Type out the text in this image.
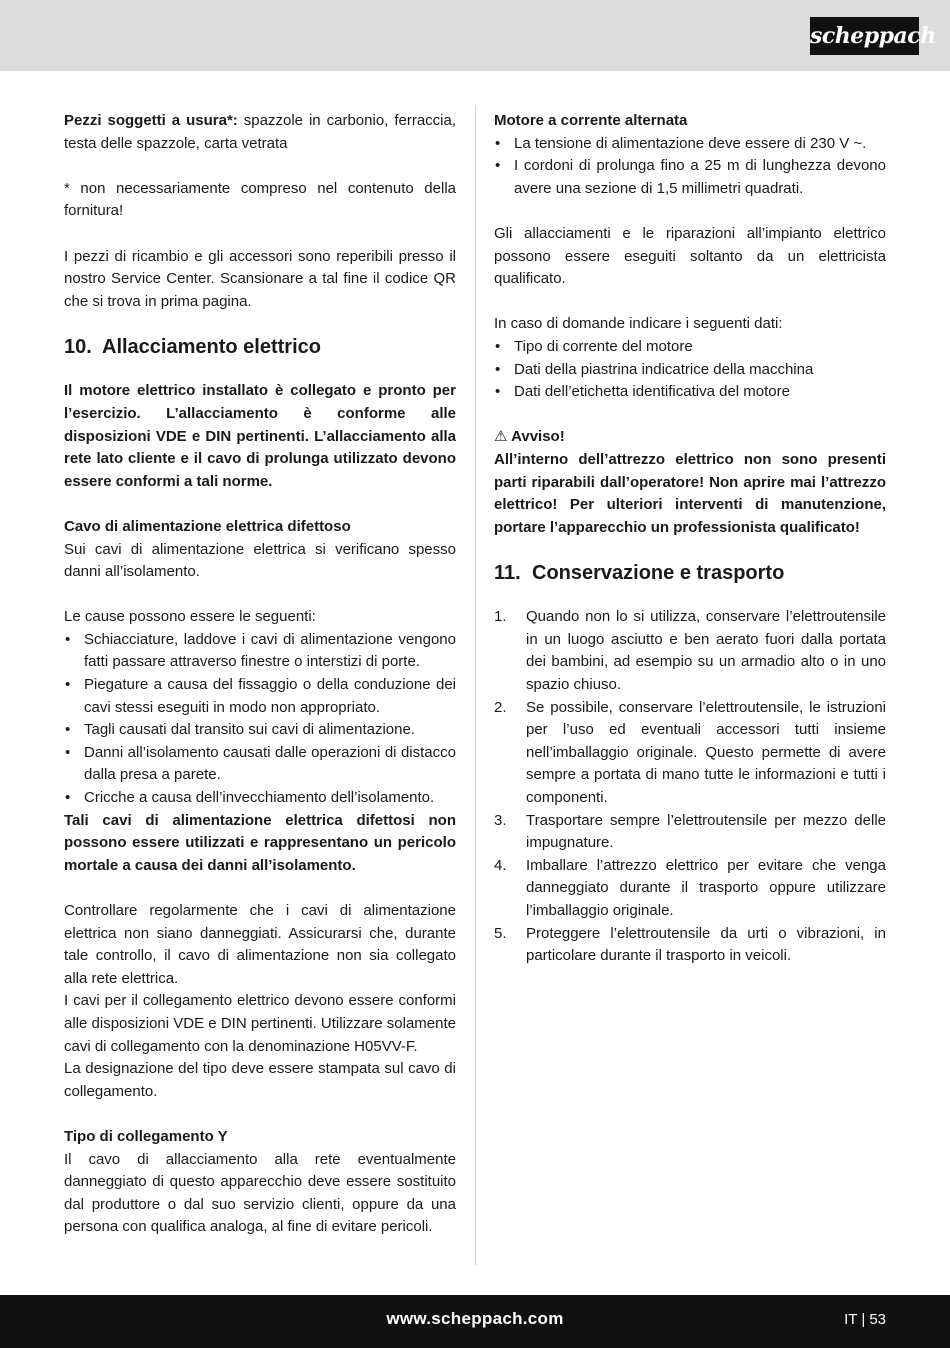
scheppach

Pezzi soggetti a usura*: spazzole in carbonio, ferraccia, testa delle spazzole, carta vetrata

* non necessariamente compreso nel contenuto della fornitura!

I pezzi di ricambio e gli accessori sono reperibili presso il nostro Service Center. Scansionare a tal fine il codice QR che si trova in prima pagina.

10. Allacciamento elettrico

Il motore elettrico installato è collegato e pronto per l’esercizio. L’allacciamento è conforme alle disposizioni VDE e DIN pertinenti. L’allacciamento alla rete lato cliente e il cavo di prolunga utilizzato devono essere conformi a tali norme.

Cavo di alimentazione elettrica difettoso

Sui cavi di alimentazione elettrica si verificano spesso danni all’isolamento.

Le cause possono essere le seguenti:

• Schiacciature, laddove i cavi di alimentazione vengono fatti passare attraverso finestre o interstizi di porte.
• Piegature a causa del fissaggio o della conduzione dei cavi stessi eseguiti in modo non appropriato.
• Tagli causati dal transito sui cavi di alimentazione.
• Danni all’isolamento causati dalle operazioni di distacco dalla presa a parete.
• Cricche a causa dell’invecchiamento dell’isolamento.

Tali cavi di alimentazione elettrica difettosi non possono essere utilizzati e rappresentano un pericolo mortale a causa dei danni all’isolamento.

Controllare regolarmente che i cavi di alimentazione elettrica non siano danneggiati. Assicurarsi che, durante tale controllo, il cavo di alimentazione non sia collegato alla rete elettrica.

I cavi per il collegamento elettrico devono essere conformi alle disposizioni VDE e DIN pertinenti. Utilizzare solamente cavi di collegamento con la denominazione H05VV-F.

La designazione del tipo deve essere stampata sul cavo di collegamento.

Tipo di collegamento Y

Il cavo di allacciamento alla rete eventualmente danneggiato di questo apparecchio deve essere sostituito dal produttore o dal suo servizio clienti, oppure da una persona con qualifica analoga, al fine di evitare pericoli.

Motore a corrente alternata

• La tensione di alimentazione deve essere di 230 V ~.
• I cordoni di prolunga fino a 25 m di lunghezza devono avere una sezione di 1,5 millimetri quadrati.

Gli allacciamenti e le riparazioni all’impianto elettrico possono essere eseguiti soltanto da un elettricista qualificato.

In caso di domande indicare i seguenti dati:

• Tipo di corrente del motore
• Dati della piastrina indicatrice della macchina
• Dati dell’etichetta identificativa del motore

⚠ Avviso!

All’interno dell’attrezzo elettrico non sono presenti parti riparabili dall’operatore! Non aprire mai l’attrezzo elettrico! Per ulteriori interventi di manutenzione, portare l’apparecchio un professionista qualificato!

11. Conservazione e trasporto
1. Quando non lo si utilizza, conservare l’elettroutensile in un luogo asciutto e ben aerato fuori dalla portata dei bambini, ad esempio su un armadio alto o in uno spazio chiuso.
2. Se possibile, conservare l’elettroutensile, le istruzioni per l’uso ed eventuali accessori tutti insieme nell’imballaggio originale. Questo permette di avere sempre a portata di mano tutte le informazioni e tutti i componenti.
3. Trasportare sempre l’elettroutensile per mezzo delle impugnature.
4. Imballare l’attrezzo elettrico per evitare che venga danneggiato durante il trasporto oppure utilizzare l’imballaggio originale.
5. Proteggere l’elettroutensile da urti o vibrazioni, in particolare durante il trasporto in veicoli.
www.scheppach.com	IT | 53
